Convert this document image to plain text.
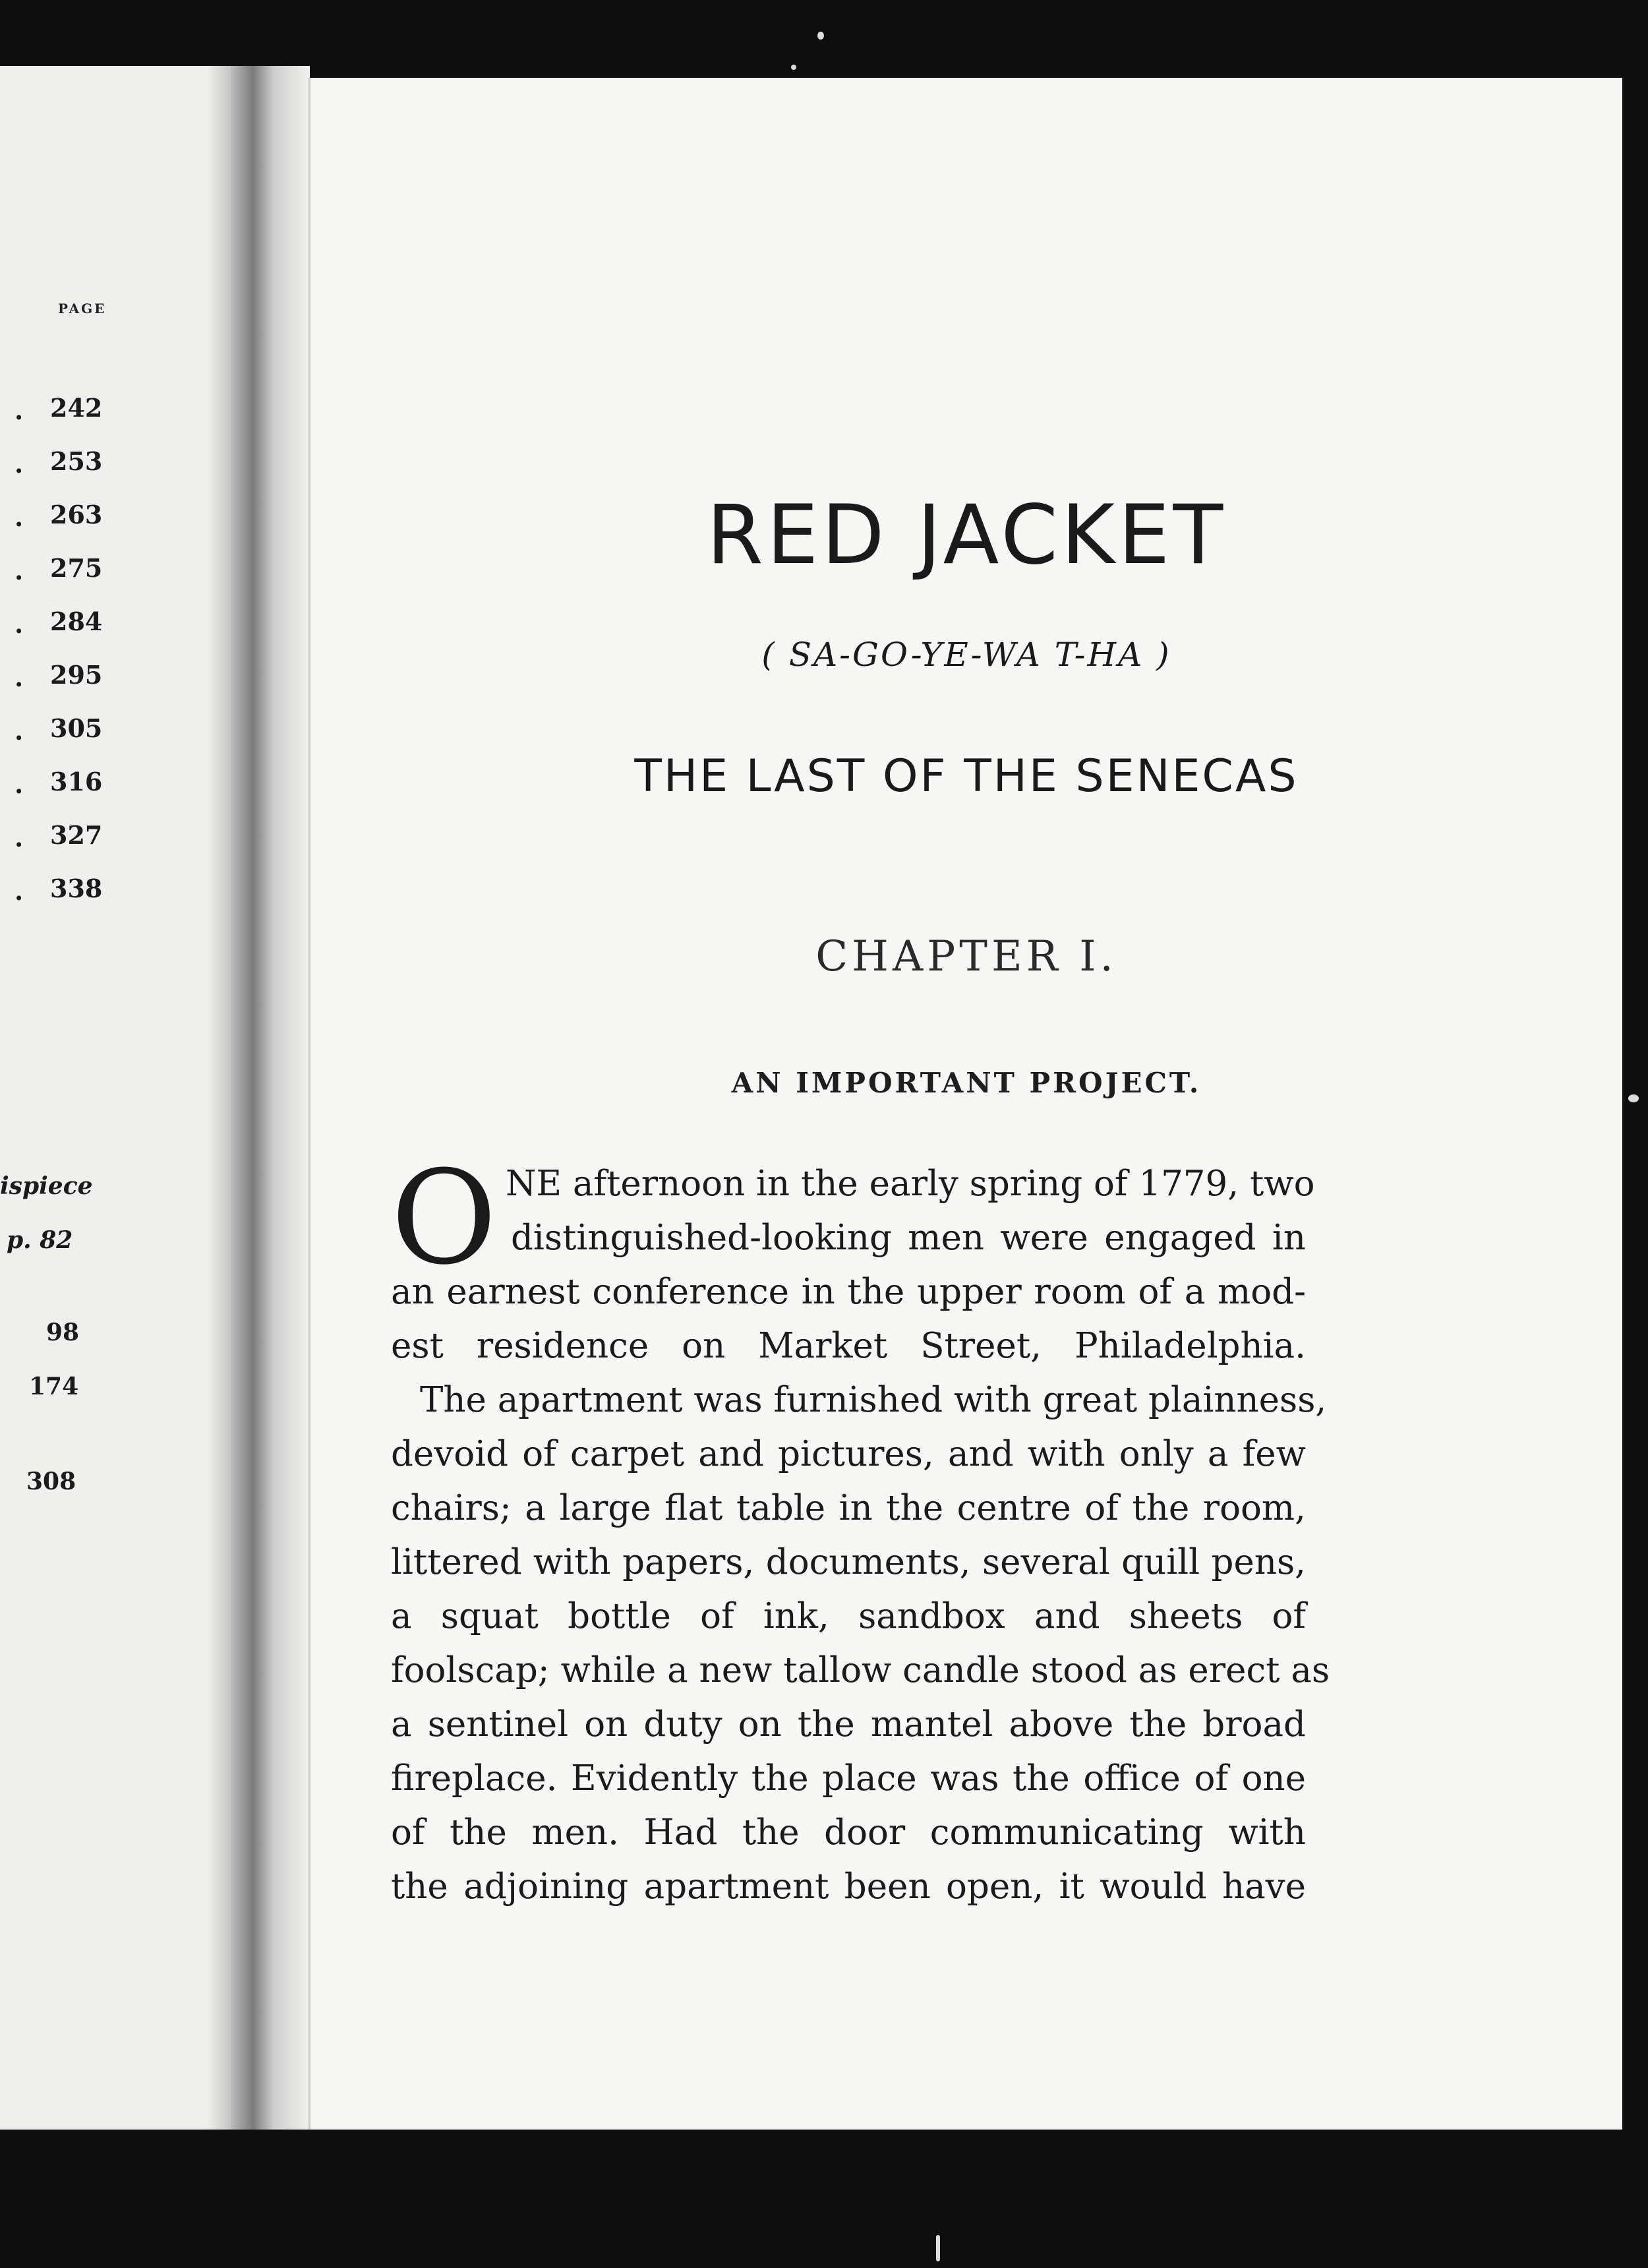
PAGE
. 242
. 253
. 263
. 275
. 284
. 295
. 305
. 316
. 327
. 338
ispiece
p. 82
98
174
308
RED JACKET
( SA-GO-YE-WA T-HA )
THE LAST OF THE SENECAS
CHAPTER I.
AN IMPORTANT PROJECT.
O NE afternoon in the early spring of 1779, two
distinguished-looking men were engaged in
an earnest conference in the upper room of a mod-
est residence on Market Street, Philadelphia.
The apartment was furnished with great plainness,
devoid of carpet and pictures, and with only a few
chairs; a large flat table in the centre of the room,
littered with papers, documents, several quill pens,
a squat bottle of ink, sandbox and sheets of
foolscap; while a new tallow candle stood as erect as
a sentinel on duty on the mantel above the broad
fireplace. Evidently the place was the office of one
of the men. Had the door communicating with
the adjoining apartment been open, it would have
